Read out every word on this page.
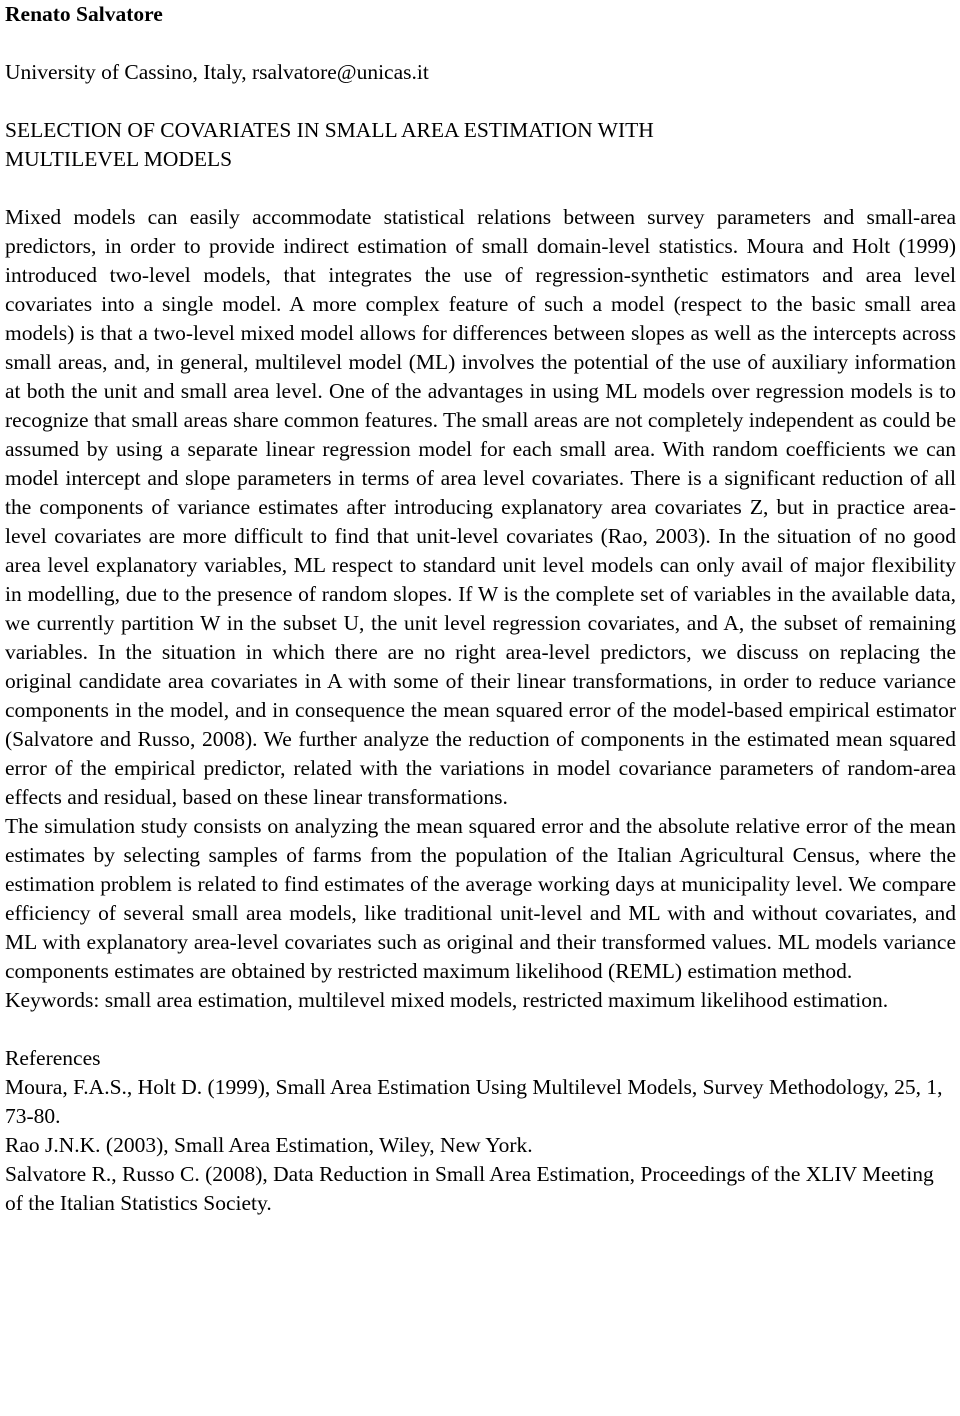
Renato Salvatore

University of Cassino, Italy, rsalvatore@unicas.it

SELECTION OF COVARIATES IN SMALL AREA ESTIMATION WITH
MULTILEVEL MODELS

Mixed models can easily accommodate statistical relations between survey parameters and small-area predictors, in order to provide indirect estimation of small domain-level statistics. Moura and Holt (1999) introduced two-level models, that integrates the use of regression-synthetic estimators and area level covariates into a single model. A more complex feature of such a model (respect to the basic small area models) is that a two-level mixed model allows for differences between slopes as well as the intercepts across small areas, and, in general, multilevel model (ML) involves the potential of the use of auxiliary information at both the unit and small area level. One of the advantages in using ML models over regression models is to recognize that small areas share common features. The small areas are not completely independent as could be assumed by using a separate linear regression model for each small area. With random coefficients we can model intercept and slope parameters in terms of area level covariates. There is a significant reduction of all the components of variance estimates after introducing explanatory area covariates Z, but in practice area-level covariates are more difficult to find that unit-level covariates (Rao, 2003). In the situation of no good area level explanatory variables, ML respect to standard unit level models can only avail of major flexibility in modelling, due to the presence of random slopes. If W is the complete set of variables in the available data, we currently partition W in the subset U, the unit level regression covariates, and A, the subset of remaining variables. In the situation in which there are no right area-level predictors, we discuss on replacing the original candidate area covariates in A with some of their linear transformations, in order to reduce variance components in the model, and in consequence the mean squared error of the model-based empirical estimator (Salvatore and Russo, 2008). We further analyze the reduction of components in the estimated mean squared error of the empirical predictor, related with the variations in model covariance parameters of random-area effects and residual, based on these linear transformations.

The simulation study consists on analyzing the mean squared error and the absolute relative error of the mean estimates by selecting samples of farms from the population of the Italian Agricultural Census, where the estimation problem is related to find estimates of the average working days at municipality level. We compare efficiency of several small area models, like traditional unit-level and ML with and without covariates, and ML with explanatory area-level covariates such as original and their transformed values. ML models variance components estimates are obtained by restricted maximum likelihood (REML) estimation method.

Keywords: small area estimation, multilevel mixed models, restricted maximum likelihood estimation.

References

Moura, F.A.S., Holt D. (1999), Small Area Estimation Using Multilevel Models, Survey Methodology, 25, 1, 73-80.

Rao J.N.K. (2003), Small Area Estimation, Wiley, New York.

Salvatore R., Russo C. (2008), Data Reduction in Small Area Estimation, Proceedings of the XLIV Meeting of the Italian Statistics Society.
